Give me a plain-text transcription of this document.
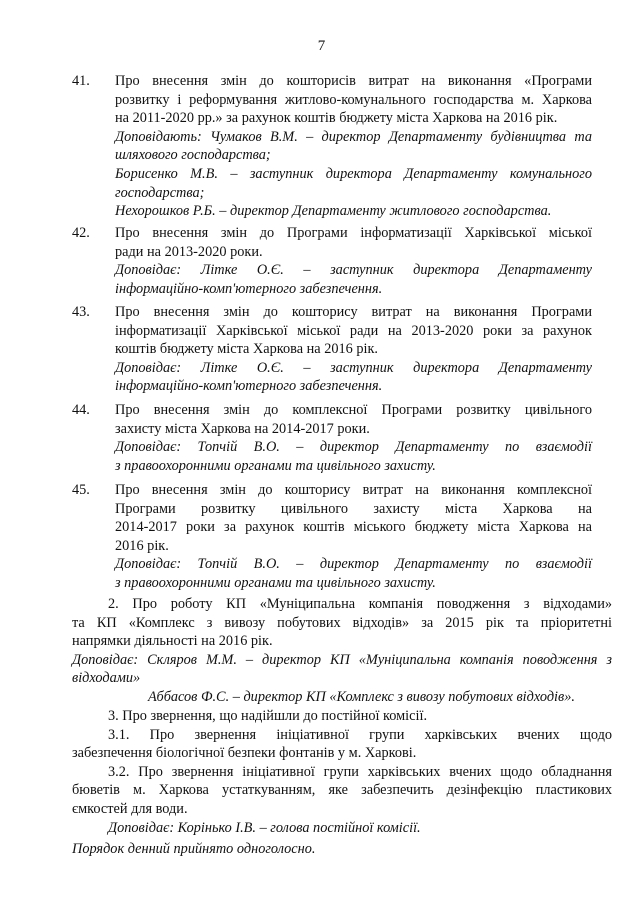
7
41.	Про внесення змін до кошторисів витрат на виконання «Програми
розвитку і реформування житлово-комунального господарства м. Харкова
на 2011-2020 рр.» за рахунок коштів бюджету міста Харкова на 2016 рік.
Доповідають: Чумаков В.М. – директор Департаменту будівництва та
шляхового господарства;
Борисенко М.В. – заступник директора Департаменту комунального
господарства;
Нехорошков Р.Б. – директор Департаменту житлового господарства.
42.	Про внесення змін до Програми інформатизації Харківської міської
ради на 2013-2020 роки.
Доповідає: Літке О.Є. – заступник директора Департаменту
інформаційно-комп'ютерного забезпечення.
43.	Про внесення змін до кошторису витрат на виконання Програми
інформатизації Харківської міської ради на 2013-2020 роки за рахунок
коштів бюджету міста Харкова на 2016 рік.
Доповідає: Літке О.Є. – заступник директора Департаменту
інформаційно-комп'ютерного забезпечення.
44.	Про внесення змін до комплексної Програми розвитку цивільного
захисту міста Харкова на 2014-2017 роки.
Доповідає: Топчій В.О. – директор Департаменту по взаємодії
з правоохоронними органами та цивільного захисту.
45.	Про внесення змін до кошторису витрат на виконання комплексної
Програми розвитку цивільного захисту міста Харкова на
2014-2017 роки за рахунок коштів міського бюджету міста Харкова на
2016 рік.
Доповідає: Топчій В.О. – директор Департаменту по взаємодії
з правоохоронними органами та цивільного захисту.
2. Про роботу КП «Муніципальна компанія поводження з відходами»
та КП «Комплекс з вивозу побутових відходів» за 2015 рік та пріоритетні
напрямки діяльності на 2016 рік.
Доповідає: Скляров М.М. – директор КП «Муніципальна компанія поводження з
відходами»
Аббасов Ф.С. – директор КП «Комплекс з вивозу побутових відходів».
3. Про звернення, що надійшли до постійної комісії.
3.1. Про звернення ініціативної групи харківських вчених щодо
забезпечення біологічної безпеки фонтанів у м. Харкові.
3.2. Про звернення ініціативної групи харківських вчених щодо обладнання
бюветів м. Харкова устаткуванням, яке забезпечить дезінфекцію пластикових
ємкостей для води.
Доповідає: Корінько І.В. – голова постійної комісії.
Порядок денний прийнято одноголосно.
